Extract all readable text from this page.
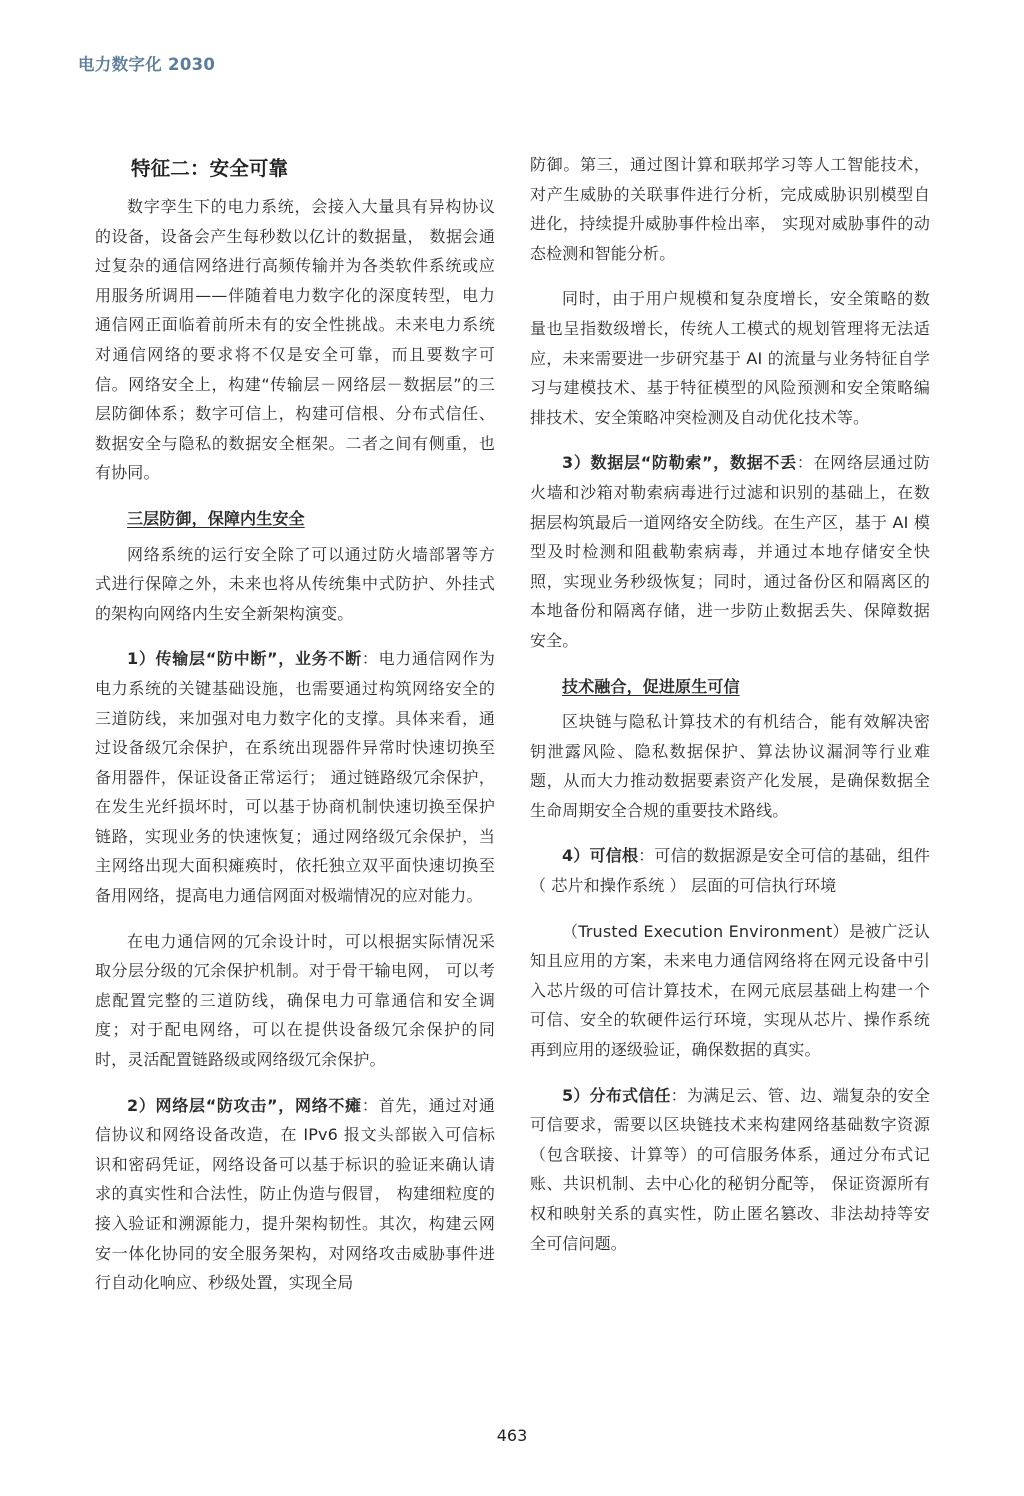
电力数字化 2030
特征二：安全可靠

数字孪生下的电力系统，会接入大量具有异构协议的设备，设备会产生每秒数以亿计的数据量， 数据会通过复杂的通信网络进行高频传输并为各类软件系统或应用服务所调用——伴随着电力数字化的深度转型，电力通信网正面临着前所未有的安全性挑战。未来电力系统对通信网络的要求将不仅是安全可靠，而且要数字可信。网络安全上，构建“传输层－网络层－数据层”的三层防御体系；数字可信上，构建可信根、分布式信任、数据安全与隐私的数据安全框架。二者之间有侧重，也有协同。

三层防御，保障内生安全

网络系统的运行安全除了可以通过防火墙部署等方式进行保障之外，未来也将从传统集中式防护、外挂式的架构向网络内生安全新架构演变。

1）传输层“防中断”，业务不断：电力通信网作为电力系统的关键基础设施，也需要通过构筑网络安全的三道防线，来加强对电力数字化的支撑。具体来看，通过设备级冗余保护，在系统出现器件异常时快速切换至备用器件，保证设备正常运行； 通过链路级冗余保护，在发生光纤损坏时，可以基于协商机制快速切换至保护链路，实现业务的快速恢复；通过网络级冗余保护，当主网络出现大面积瘫痪时，依托独立双平面快速切换至备用网络，提高电力通信网面对极端情况的应对能力。

在电力通信网的冗余设计时，可以根据实际情况采取分层分级的冗余保护机制。对于骨干输电网， 可以考虑配置完整的三道防线，确保电力可靠通信和安全调度；对于配电网络，可以在提供设备级冗余保护的同时，灵活配置链路级或网络级冗余保护。

2）网络层“防攻击”，网络不瘫：首先，通过对通信协议和网络设备改造，在 IPv6 报文头部嵌入可信标识和密码凭证，网络设备可以基于标识的验证来确认请求的真实性和合法性，防止伪造与假冒， 构建细粒度的接入验证和溯源能力，提升架构韧性。其次，构建云网安一体化协同的安全服务架构，对网络攻击威胁事件进行自动化响应、秒级处置，实现全局

防御。第三，通过图计算和联邦学习等人工智能技术，对产生威胁的关联事件进行分析，完成威胁识别模型自进化，持续提升威胁事件检出率， 实现对威胁事件的动态检测和智能分析。

同时，由于用户规模和复杂度增长，安全策略的数量也呈指数级增长，传统人工模式的规划管理将无法适应，未来需要进一步研究基于 AI 的流量与业务特征自学习与建模技术、基于特征模型的风险预测和安全策略编排技术、安全策略冲突检测及自动优化技术等。

3）数据层“防勒索”，数据不丢：在网络层通过防火墙和沙箱对勒索病毒进行过滤和识别的基础上，在数据层构筑最后一道网络安全防线。在生产区，基于 AI 模型及时检测和阻截勒索病毒，并通过本地存储安全快照，实现业务秒级恢复；同时，通过备份区和隔离区的本地备份和隔离存储，进一步防止数据丢失、保障数据安全。

技术融合，促进原生可信

区块链与隐私计算技术的有机结合，能有效解决密钥泄露风险、隐私数据保护、算法协议漏洞等行业难题，从而大力推动数据要素资产化发展，是确保数据全生命周期安全合规的重要技术路线。

4）可信根：可信的数据源是安全可信的基础，组件（ 芯片和操作系统 ） 层面的可信执行环境

（Trusted Execution Environment）是被广泛认知且应用的方案，未来电力通信网络将在网元设备中引入芯片级的可信计算技术，在网元底层基础上构建一个可信、安全的软硬件运行环境，实现从芯片、操作系统再到应用的逐级验证，确保数据的真实。

5）分布式信任：为满足云、管、边、端复杂的安全可信要求，需要以区块链技术来构建网络基础数字资源（包含联接、计算等）的可信服务体系，通过分布式记账、共识机制、去中心化的秘钥分配等， 保证资源所有权和映射关系的真实性，防止匿名篡改、非法劫持等安全可信问题。

463
